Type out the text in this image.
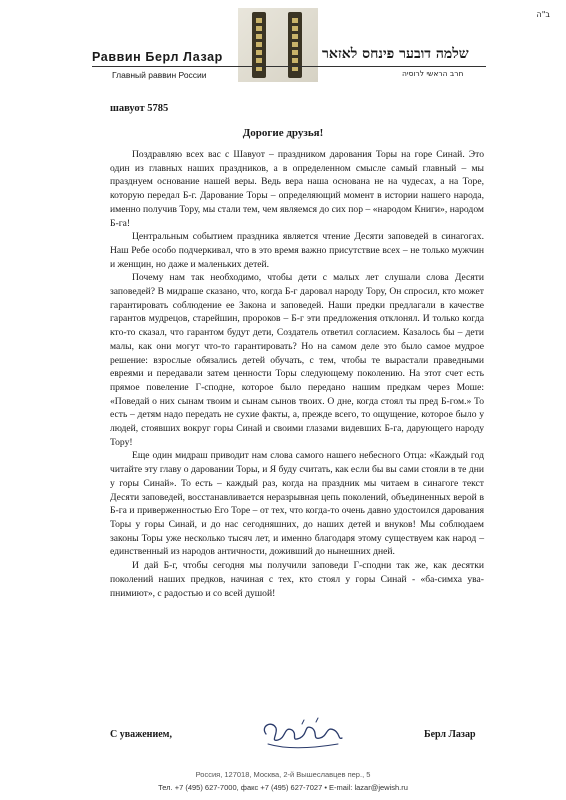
ב"ה
Раввин Берл Лазар
Главный раввин России
שלמה דובער פינחס לאזאר
חרב הראשי לרוסיה
шавуот 5785
Дорогие друзья!

Поздравляю всех вас с Шавуот – праздником дарования Торы на горе Синай. Это один из главных наших праздников, а в определенном смысле самый главный – мы празднуем основание нашей веры. Ведь вера наша основана не на чудесах, а на Торе, которую передал Б-г. Дарование Торы – определяющий момент в истории нашего народа, именно получив Тору, мы стали тем, чем являемся до сих пор – «народом Книги», народом Б-га!

Центральным событием праздника является чтение Десяти заповедей в синагогах. Наш Ребе особо подчеркивал, что в это время важно присутствие всех – не только мужчин и женщин, но даже и маленьких детей.

Почему нам так необходимо, чтобы дети с малых лет слушали слова Десяти заповедей? В мидраше сказано, что, когда Б-г даровал народу Тору, Он спросил, кто может гарантировать соблюдение ее Закона и заповедей. Наши предки предлагали в качестве гарантов мудрецов, старейшин, пророков – Б-г эти предложения отклонял. И только когда кто-то сказал, что гарантом будут дети, Создатель ответил согласием. Казалось бы – дети малы, как они могут что-то гарантировать? Но на самом деле это было самое мудрое решение: взрослые обязались детей обучать, с тем, чтобы те вырастали праведными евреями и передавали затем ценности Торы следующему поколению. На этот счет есть прямое повеление Г-сподне, которое было передано нашим предкам через Моше: «Поведай о них сынам твоим и сынам сынов твоих. О дне, когда стоял ты пред Б-гом.» То есть – детям надо передать не сухие факты, а, прежде всего, то ощущение, которое было у людей, стоявших вокруг горы Синай и своими глазами видевших Б-га, дарующего народу Тору!

Еще один мидраш приводит нам слова самого нашего небесного Отца: «Каждый год читайте эту главу о даровании Торы, и Я буду считать, как если бы вы сами стояли в те дни у горы Синай». То есть – каждый раз, когда на праздник мы читаем в синагоге текст Десяти заповедей, восстанавливается неразрывная цепь поколений, объединенных верой в Б-га и приверженностью Его Торе – от тех, что когда-то очень давно удостоился дарования Торы у горы Синай, и до нас сегодняшних, до наших детей и внуков! Мы соблюдаем законы Торы уже несколько тысяч лет, и именно благодаря этому существуем как народ – единственный из народов античности, доживший до нынешних дней.

И дай Б-г, чтобы сегодня мы получили заповеди Г-сподни так же, как десятки поколений наших предков, начиная с тех, кто стоял у горы Синай - «ба-симха ува-пнимиют», с радостью и со всей душой!

С уважением,	Берл Лазар
Россия, 127018, Москва, 2-й Вышеславцев пер., 5
Тел. +7 (495) 627-7000, факс +7 (495) 627-7027 • E-mail: lazar@jewish.ru
